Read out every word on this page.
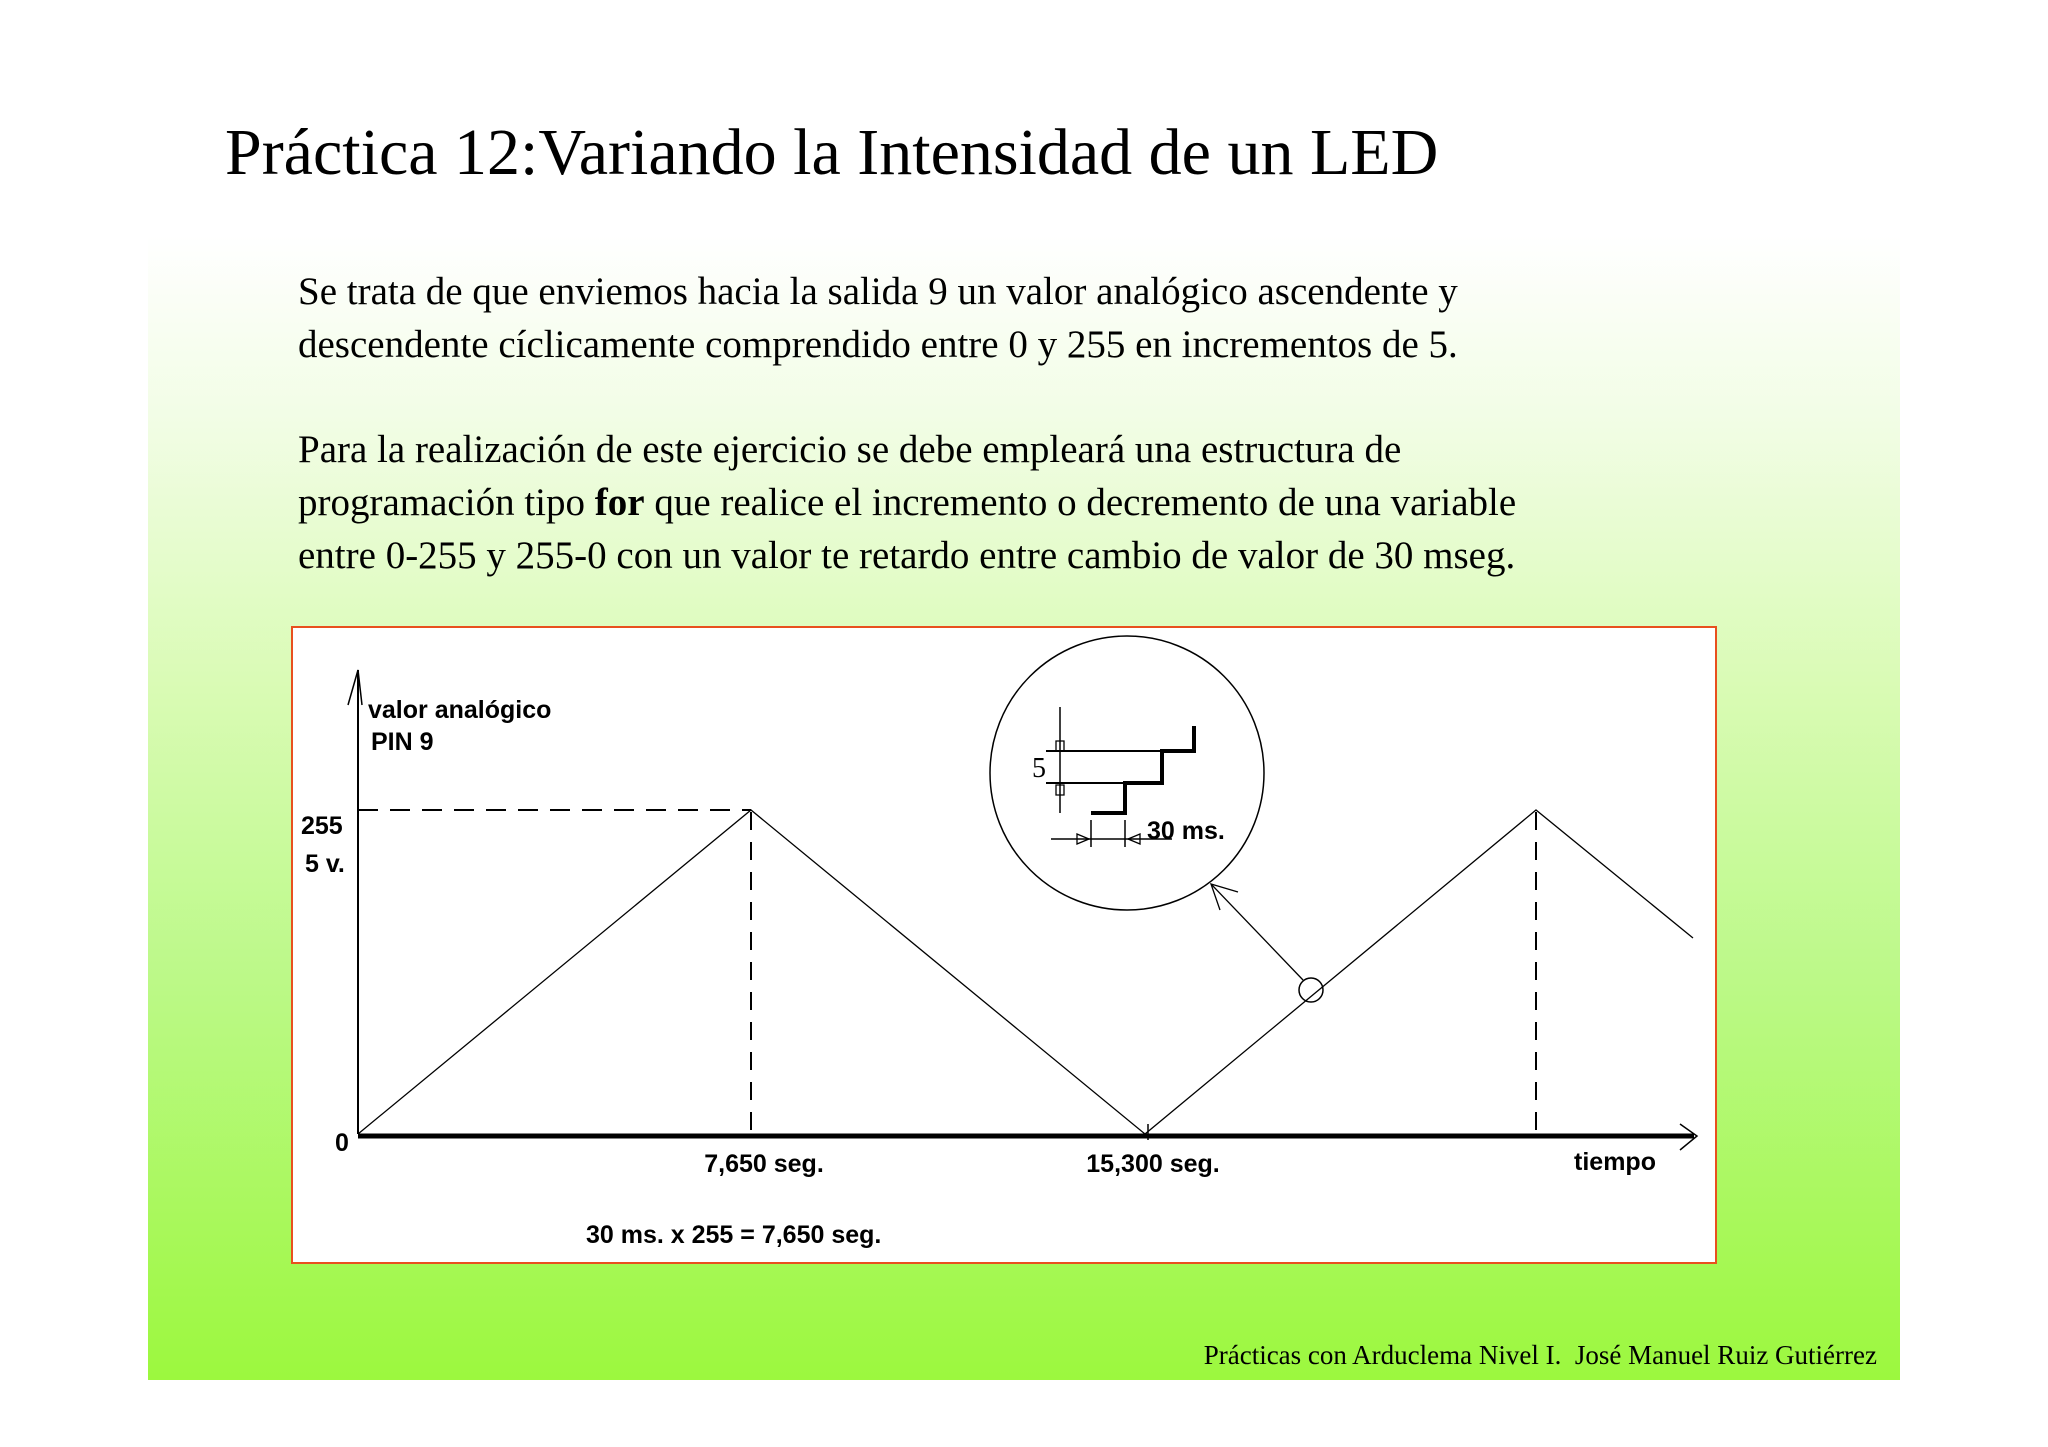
Práctica 12:Variando la Intensidad de un LED
Se trata de que enviemos hacia la salida 9 un valor analógico ascendente y
descendente cíclicamente comprendido entre 0 y 255 en incrementos de 5.
Para la realización de este ejercicio se debe empleará una estructura de
programación tipo for que realice el incremento o decremento de una variable
entre 0-255 y 255-0 con un valor te retardo entre cambio de valor de 30 mseg.
5
30 ms.
valor analógico
PIN 9
255
5 v.
0
7,650 seg.	15,300 seg.	tiempo
30 ms. x 255 = 7,650 seg.
Prácticas con Arduclema Nivel I.  José Manuel Ruiz Gutiérrez
